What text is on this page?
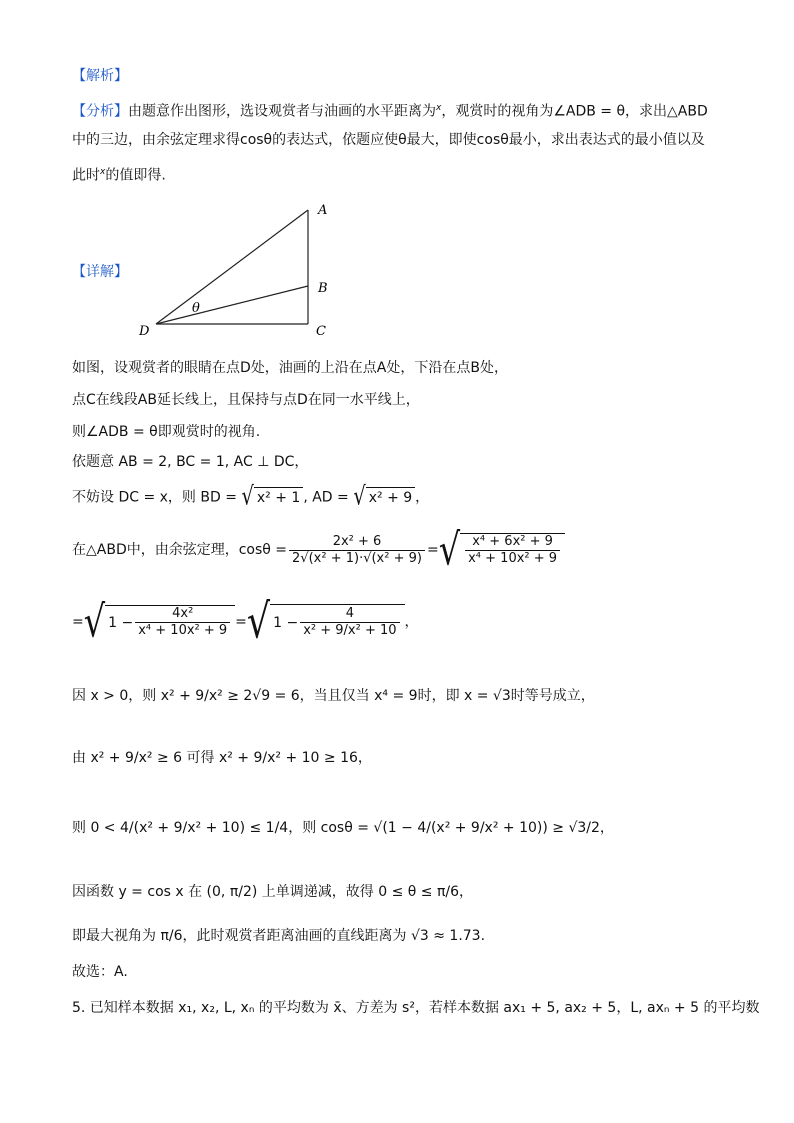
【解析】
【分析】由题意作出图形，选设观赏者与油画的水平距离为$^x$，观赏时的视角为∠ADB = θ，求出△ABD
中的三边，由余弦定理求得cosθ的表达式，依题应使θ最大，即使cosθ最小，求出表达式的最小值以及
此时$^x$的值即得.
【详解】
A
B
C
D
θ
如图，设观赏者的眼睛在点D处，油画的上沿在点A处，下沿在点B处，
点C在线段AB延长线上，且保持与点D在同一水平线上，
则∠ADB = θ即观赏时的视角.
依题意 AB = 2, BC = 1, AC ⊥ DC，
不妨设 DC = x，则 BD = √ x² + 1 , AD = √ x² + 9 ，
在△ABD中，由余弦定理，$\cos\theta = \frac{\text{2x² + 6}}{\text{2√(x² + 1)·√(x² + 9)}}$ = √ $\frac{\text{x⁴ + 6x² + 9}}{\text{x⁴ + 10x² + 9}}$
= √ $1 - \frac{\text{4x²}}{\text{x⁴ + 10x² + 9}}$ = √ $1 - \frac{4}{\text{x² + 9/x² + 10}}$ ，
因 x > 0，则 x² + 9/x² ≥ 2√9 = 6，当且仅当 x⁴ = 9时，即 x = √3时等号成立，
由 x² + 9/x² ≥ 6 可得 x² + 9/x² + 10 ≥ 16，
则 0 < 4/(x² + 9/x² + 10) ≤ 1/4，则 cosθ = √(1 − 4/(x² + 9/x² + 10)) ≥ √3/2，
因函数 y = cos x 在 (0, π/2) 上单调递减，故得 0 ≤ θ ≤ π/6，
即最大视角为 π/6，此时观赏者距离油画的直线距离为 √3 ≈ 1.73.
故选：A.
5. 已知样本数据 x₁, x₂, L, xₙ 的平均数为 x̄、方差为 s²，若样本数据 ax₁ + 5, ax₂ + 5，L, axₙ + 5 的平均数
